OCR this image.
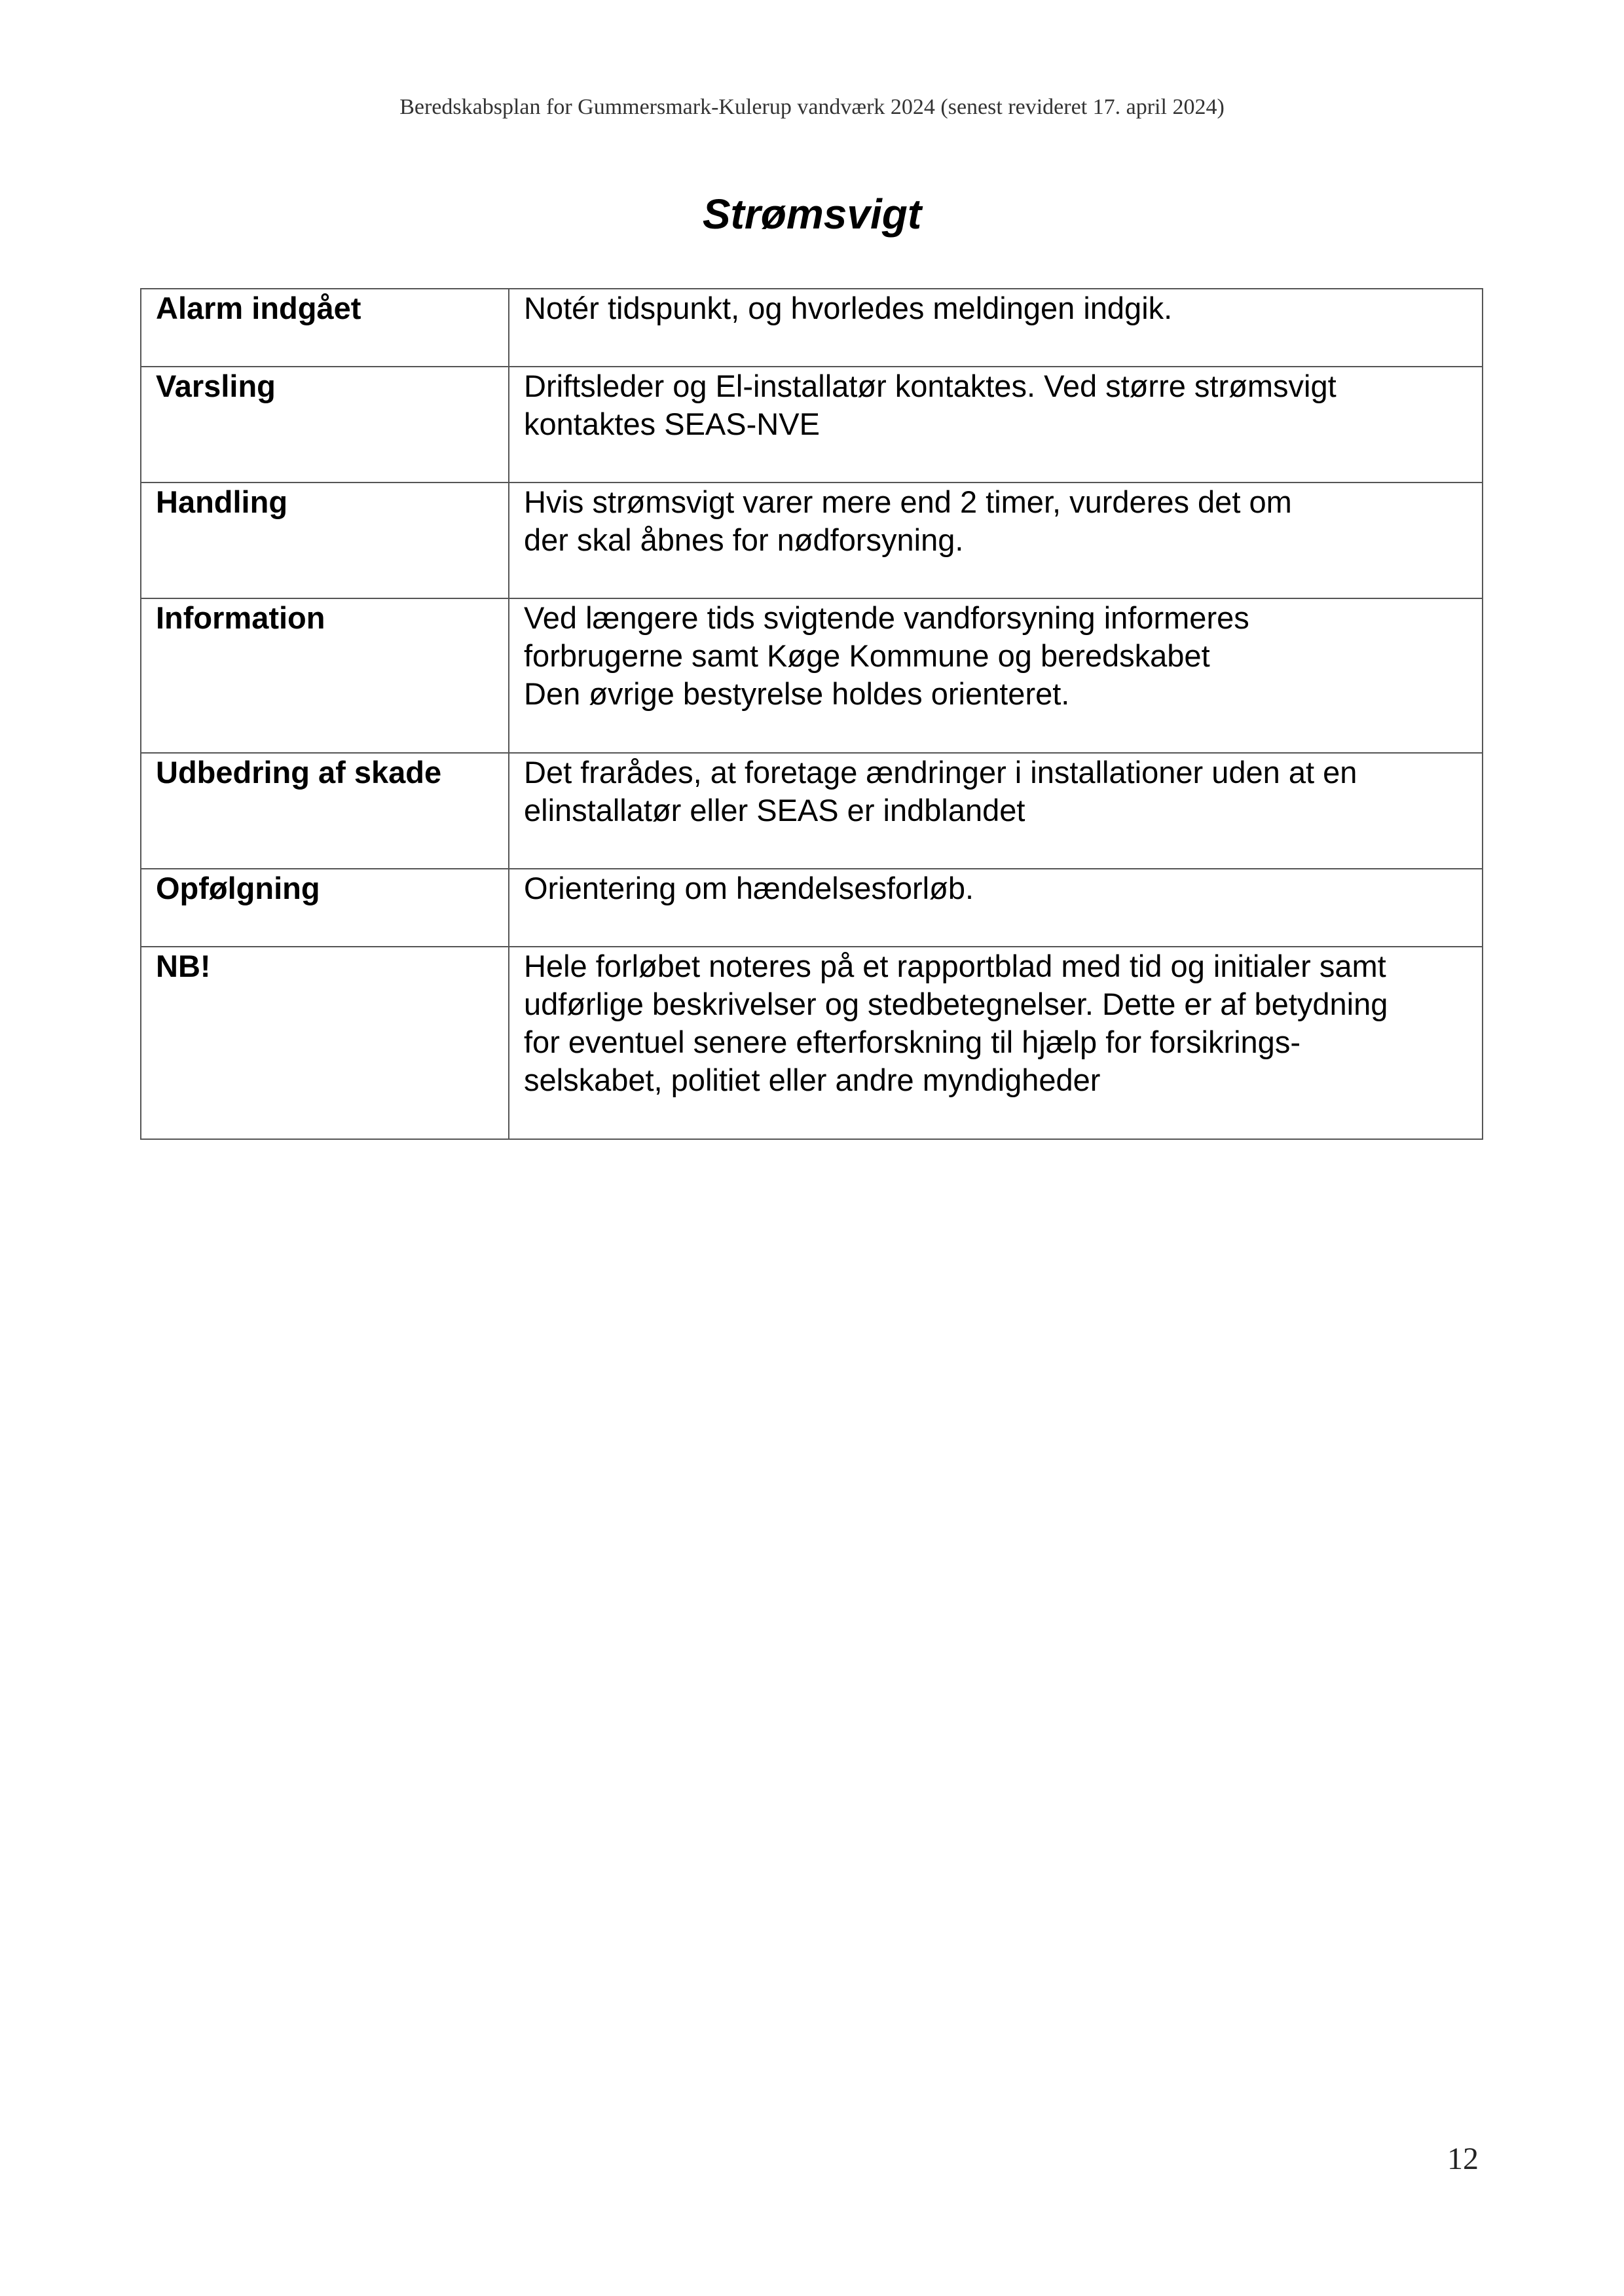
Beredskabsplan for Gummersmark-Kulerup vandværk 2024 (senest revideret 17. april 2024)
Strømsvigt
Alarm indgået	Notér tidspunkt, og hvorledes meldingen indgik.

Varsling	Driftsleder og El-installatør kontaktes. Ved større strømsvigt
kontaktes SEAS-NVE

Handling	Hvis strømsvigt varer mere end 2 timer, vurderes det om
der skal åbnes for nødforsyning.

Information	Ved længere tids svigtende vandforsyning informeres
forbrugerne samt Køge Kommune og beredskabet
Den øvrige bestyrelse holdes orienteret.

Udbedring af skade	Det frarådes, at foretage ændringer i installationer uden at en
elinstallatør eller SEAS er indblandet

Opfølgning	Orientering om hændelsesforløb.

NB!	Hele forløbet noteres på et rapportblad med tid og initialer samt
udførlige beskrivelser og stedbetegnelser. Dette er af betydning
for eventuel senere efterforskning til hjælp for forsikrings-
selskabet, politiet eller andre myndigheder
12
